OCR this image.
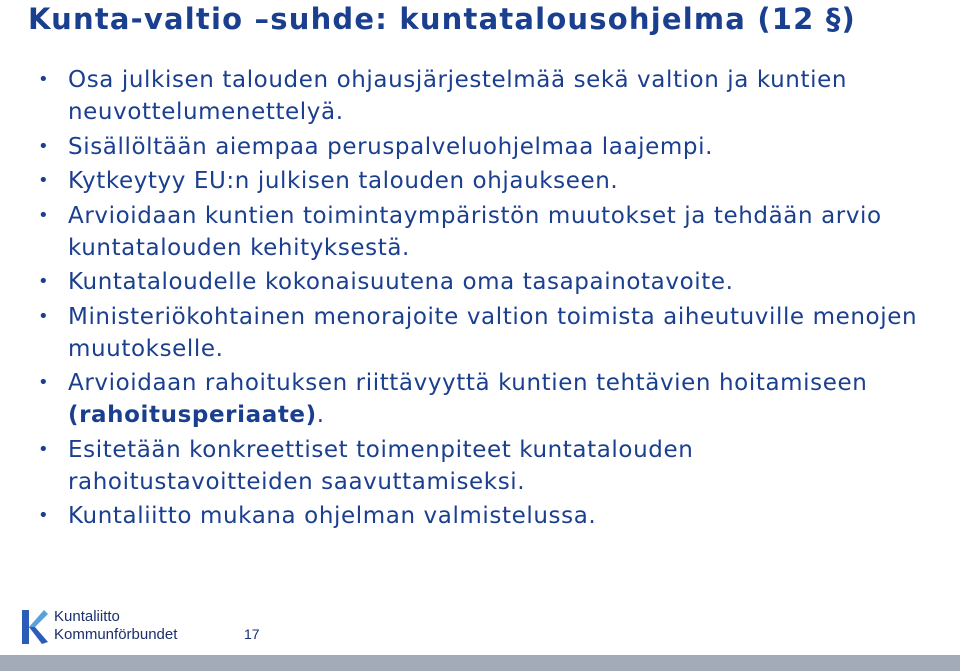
Kunta-valtio –suhde: kuntatalousohjelma (12 §)
• Osa julkisen talouden ohjausjärjestelmää sekä valtion ja kuntien neuvottelumenettelyä.
• Sisällöltään aiempaa peruspalveluohjelmaa laajempi.
• Kytkeytyy EU:n julkisen talouden ohjaukseen.
• Arvioidaan kuntien toimintaympäristön muutokset ja tehdään arvio kuntatalouden kehityksestä.
• Kuntataloudelle kokonaisuutena oma tasapainotavoite.
• Ministeriökohtainen menorajoite valtion toimista aiheutuville menojen muutokselle.
• Arvioidaan rahoituksen riittävyyttä kuntien tehtävien hoitamiseen (rahoitusperiaate).
• Esitetään konkreettiset toimenpiteet kuntatalouden rahoitustavoitteiden saavuttamiseksi.
• Kuntaliitto mukana ohjelman valmistelussa.
Kuntaliitto
Kommunförbundet	17
